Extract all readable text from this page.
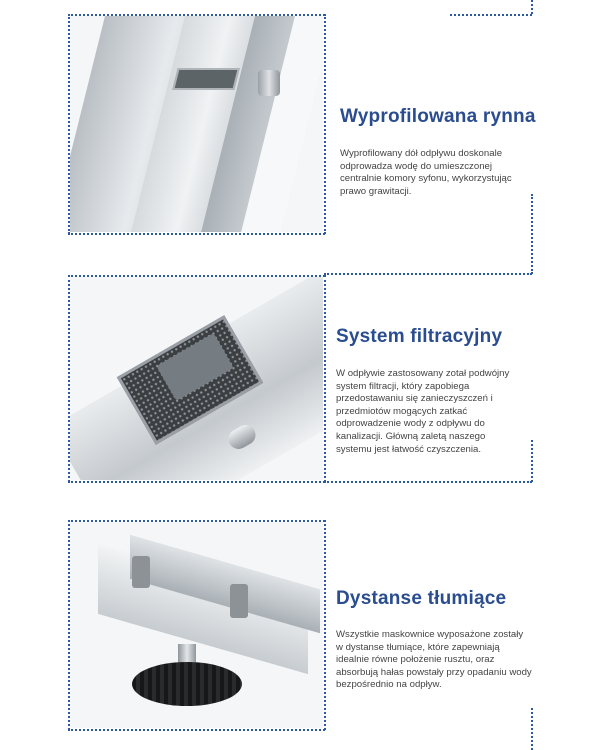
Wyprofilowana rynna

Wyprofilowany dół odpływu doskonale odprowadza wodę do umieszczonej centralnie komory syfonu, wykorzystując prawo grawitacji.

System filtracyjny

W odpływie zastosowany zotał podwójny system filtracji, który zapobiega przedostawaniu się zanieczyszczeń i przedmiotów mogących zatkać odprowadzenie wody z odpływu do kanalizacji. Główną zaletą naszego systemu jest łatwość czyszczenia.

Dystanse tłumiące

Wszystkie maskownice wyposażone zostały w dystanse tłumiące, które zapewniają idealnie równe położenie rusztu, oraz absorbują hałas powstały przy opadaniu wody bezpośrednio na odpływ.
